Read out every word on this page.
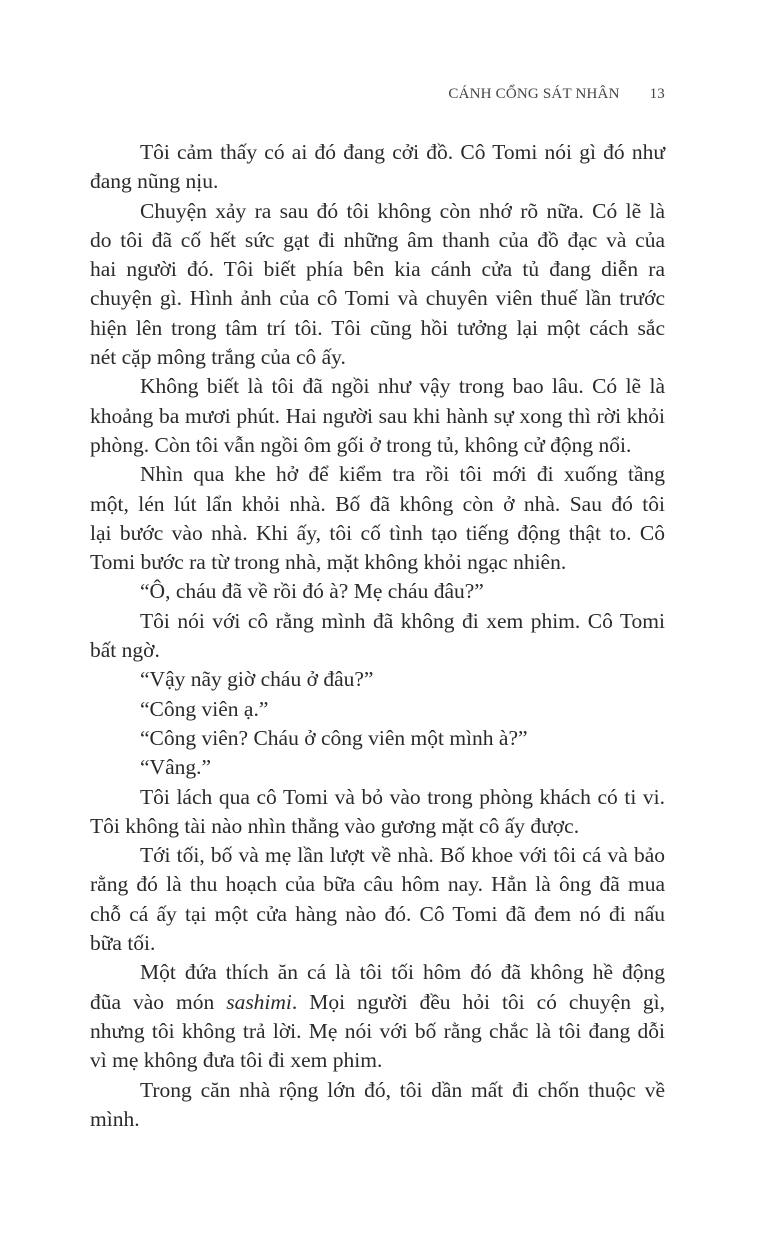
CÁNH CỔNG SÁT NHÂN 13
Tôi cảm thấy có ai đó đang cởi đồ. Cô Tomi nói gì đó như
đang nũng nịu.
Chuyện xảy ra sau đó tôi không còn nhớ rõ nữa. Có lẽ là
do tôi đã cố hết sức gạt đi những âm thanh của đồ đạc và của
hai người đó. Tôi biết phía bên kia cánh cửa tủ đang diễn ra
chuyện gì. Hình ảnh của cô Tomi và chuyên viên thuế lần trước
hiện lên trong tâm trí tôi. Tôi cũng hồi tưởng lại một cách sắc
nét cặp mông trắng của cô ấy.
Không biết là tôi đã ngồi như vậy trong bao lâu. Có lẽ là
khoảng ba mươi phút. Hai người sau khi hành sự xong thì rời khỏi
phòng. Còn tôi vẫn ngồi ôm gối ở trong tủ, không cử động nổi.
Nhìn qua khe hở để kiểm tra rồi tôi mới đi xuống tầng
một, lén lút lẩn khỏi nhà. Bố đã không còn ở nhà. Sau đó tôi
lại bước vào nhà. Khi ấy, tôi cố tình tạo tiếng động thật to. Cô
Tomi bước ra từ trong nhà, mặt không khỏi ngạc nhiên.
“Ô, cháu đã về rồi đó à? Mẹ cháu đâu?”
Tôi nói với cô rằng mình đã không đi xem phim. Cô Tomi
bất ngờ.
“Vậy nãy giờ cháu ở đâu?”
“Công viên ạ.”
“Công viên? Cháu ở công viên một mình à?”
“Vâng.”
Tôi lách qua cô Tomi và bỏ vào trong phòng khách có ti vi.
Tôi không tài nào nhìn thẳng vào gương mặt cô ấy được.
Tới tối, bố và mẹ lần lượt về nhà. Bố khoe với tôi cá và bảo
rằng đó là thu hoạch của bữa câu hôm nay. Hẳn là ông đã mua
chỗ cá ấy tại một cửa hàng nào đó. Cô Tomi đã đem nó đi nấu
bữa tối.
Một đứa thích ăn cá là tôi tối hôm đó đã không hề động
đũa vào món sashimi. Mọi người đều hỏi tôi có chuyện gì,
nhưng tôi không trả lời. Mẹ nói với bố rằng chắc là tôi đang dỗi
vì mẹ không đưa tôi đi xem phim.
Trong căn nhà rộng lớn đó, tôi dần mất đi chốn thuộc về
mình.
